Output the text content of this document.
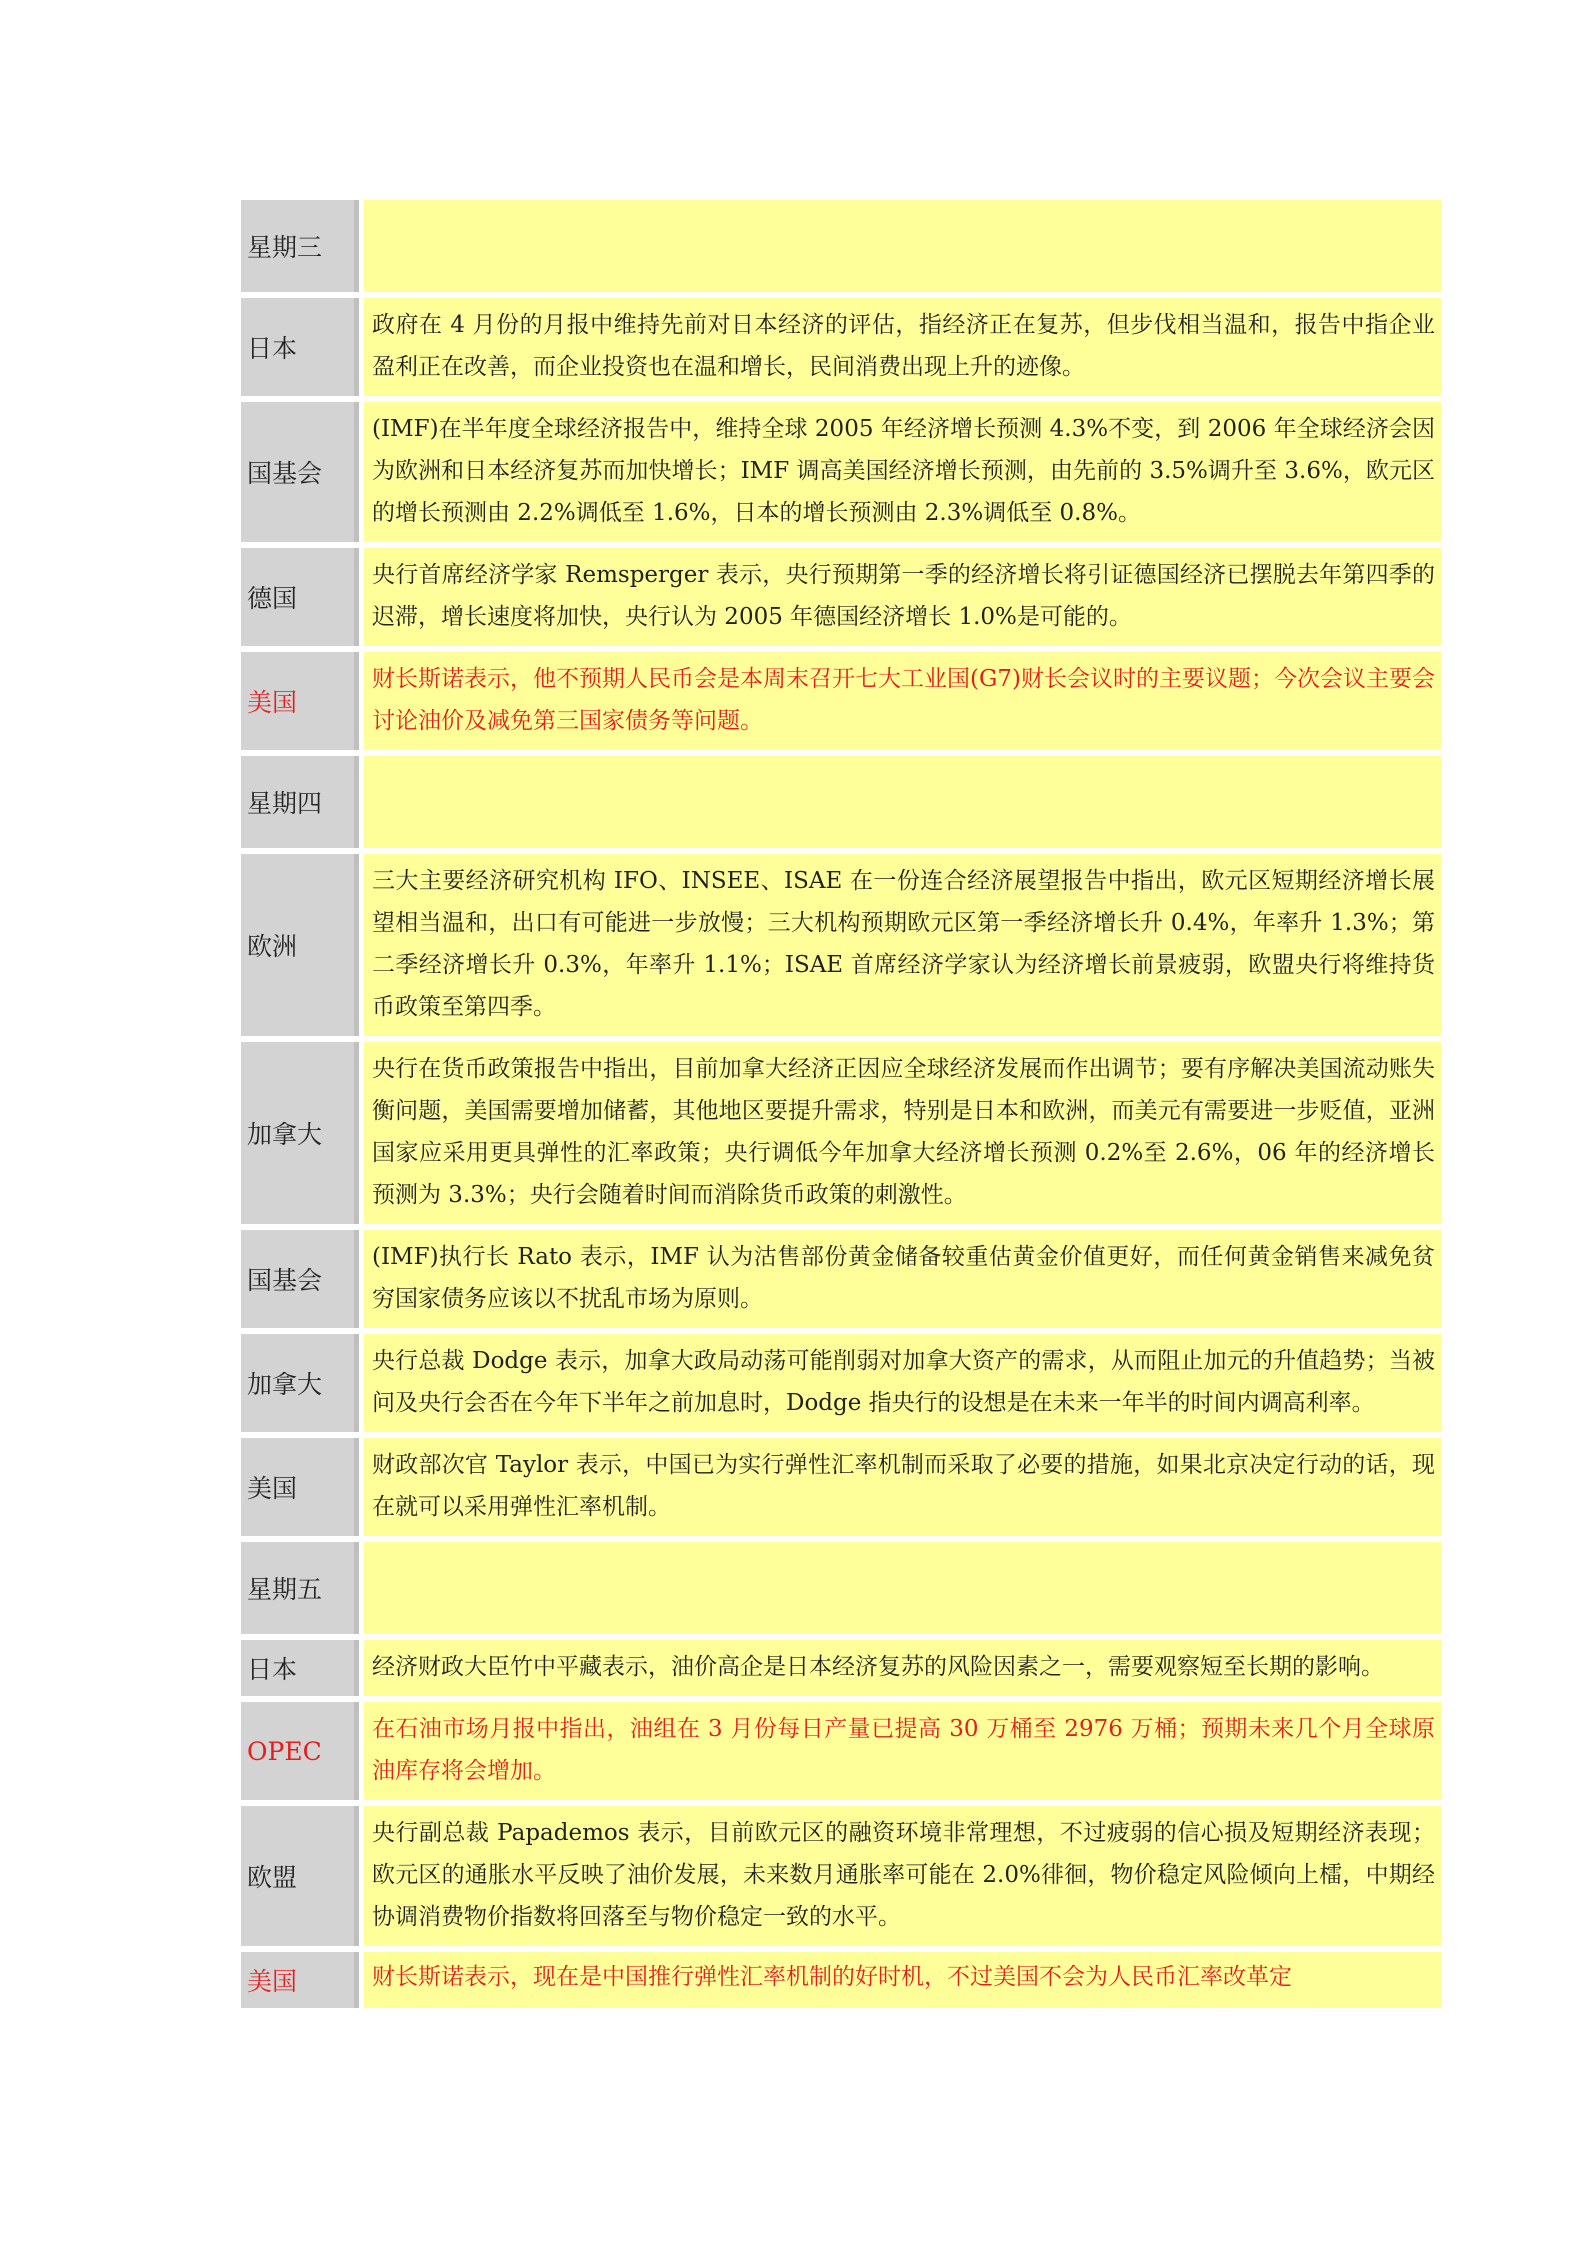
星期三
日本
政府在 4 月份的月报中维持先前对日本经济的评估，指经济正在复苏，但步伐相当温和，报告中指企业盈利正在改善，而企业投资也在温和增长，民间消费出现上升的迹像。
国基会
(IMF)在半年度全球经济报告中，维持全球 2005 年经济增长预测 4.3%不变，到 2006 年全球经济会因为欧洲和日本经济复苏而加快增长；IMF 调高美国经济增长预测，由先前的 3.5%调升至 3.6%，欧元区的增长预测由 2.2%调低至 1.6%，日本的增长预测由 2.3%调低至 0.8%。
德国
央行首席经济学家 Remsperger 表示，央行预期第一季的经济增长将引证德国经济已摆脱去年第四季的迟滞，增长速度将加快，央行认为 2005 年德国经济增长 1.0%是可能的。
美国
财长斯诺表示，他不预期人民币会是本周末召开七大工业国(G7)财长会议时的主要议题；今次会议主要会讨论油价及减免第三国家债务等问题。
星期四
欧洲
三大主要经济研究机构 IFO、INSEE、ISAE 在一份连合经济展望报告中指出，欧元区短期经济增长展望相当温和，出口有可能进一步放慢；三大机构预期欧元区第一季经济增长升 0.4%，年率升 1.3%；第二季经济增长升 0.3%，年率升 1.1%；ISAE 首席经济学家认为经济增长前景疲弱，欧盟央行将维持货币政策至第四季。
加拿大
央行在货币政策报告中指出，目前加拿大经济正因应全球经济发展而作出调节；要有序解决美国流动账失衡问题，美国需要增加储蓄，其他地区要提升需求，特别是日本和欧洲，而美元有需要进一步贬值，亚洲国家应采用更具弹性的汇率政策；央行调低今年加拿大经济增长预测 0.2%至 2.6%，06 年的经济增长预测为 3.3%；央行会随着时间而消除货币政策的刺激性。
国基会
(IMF)执行长 Rato 表示，IMF 认为沽售部份黄金储备较重估黄金价值更好，而任何黄金销售来减免贫穷国家债务应该以不扰乱市场为原则。
加拿大
央行总裁 Dodge 表示，加拿大政局动荡可能削弱对加拿大资产的需求，从而阻止加元的升值趋势；当被问及央行会否在今年下半年之前加息时，Dodge 指央行的设想是在未来一年半的时间内调高利率。
美国
财政部次官 Taylor 表示，中国已为实行弹性汇率机制而采取了必要的措施，如果北京决定行动的话，现在就可以采用弹性汇率机制。
星期五
日本	经济财政大臣竹中平藏表示，油价高企是日本经济复苏的风险因素之一，需要观察短至长期的影响。
OPEC
在石油市场月报中指出，油组在 3 月份每日产量已提高 30 万桶至 2976 万桶；预期未来几个月全球原油库存将会增加。
欧盟
央行副总裁 Papademos 表示，目前欧元区的融资环境非常理想，不过疲弱的信心损及短期经济表现；欧元区的通胀水平反映了油价发展，未来数月通胀率可能在 2.0%徘徊，物价稳定风险倾向上檑，中期经协调消费物价指数将回落至与物价稳定一致的水平。
美国	财长斯诺表示，现在是中国推行弹性汇率机制的好时机，不过美国不会为人民币汇率改革定
